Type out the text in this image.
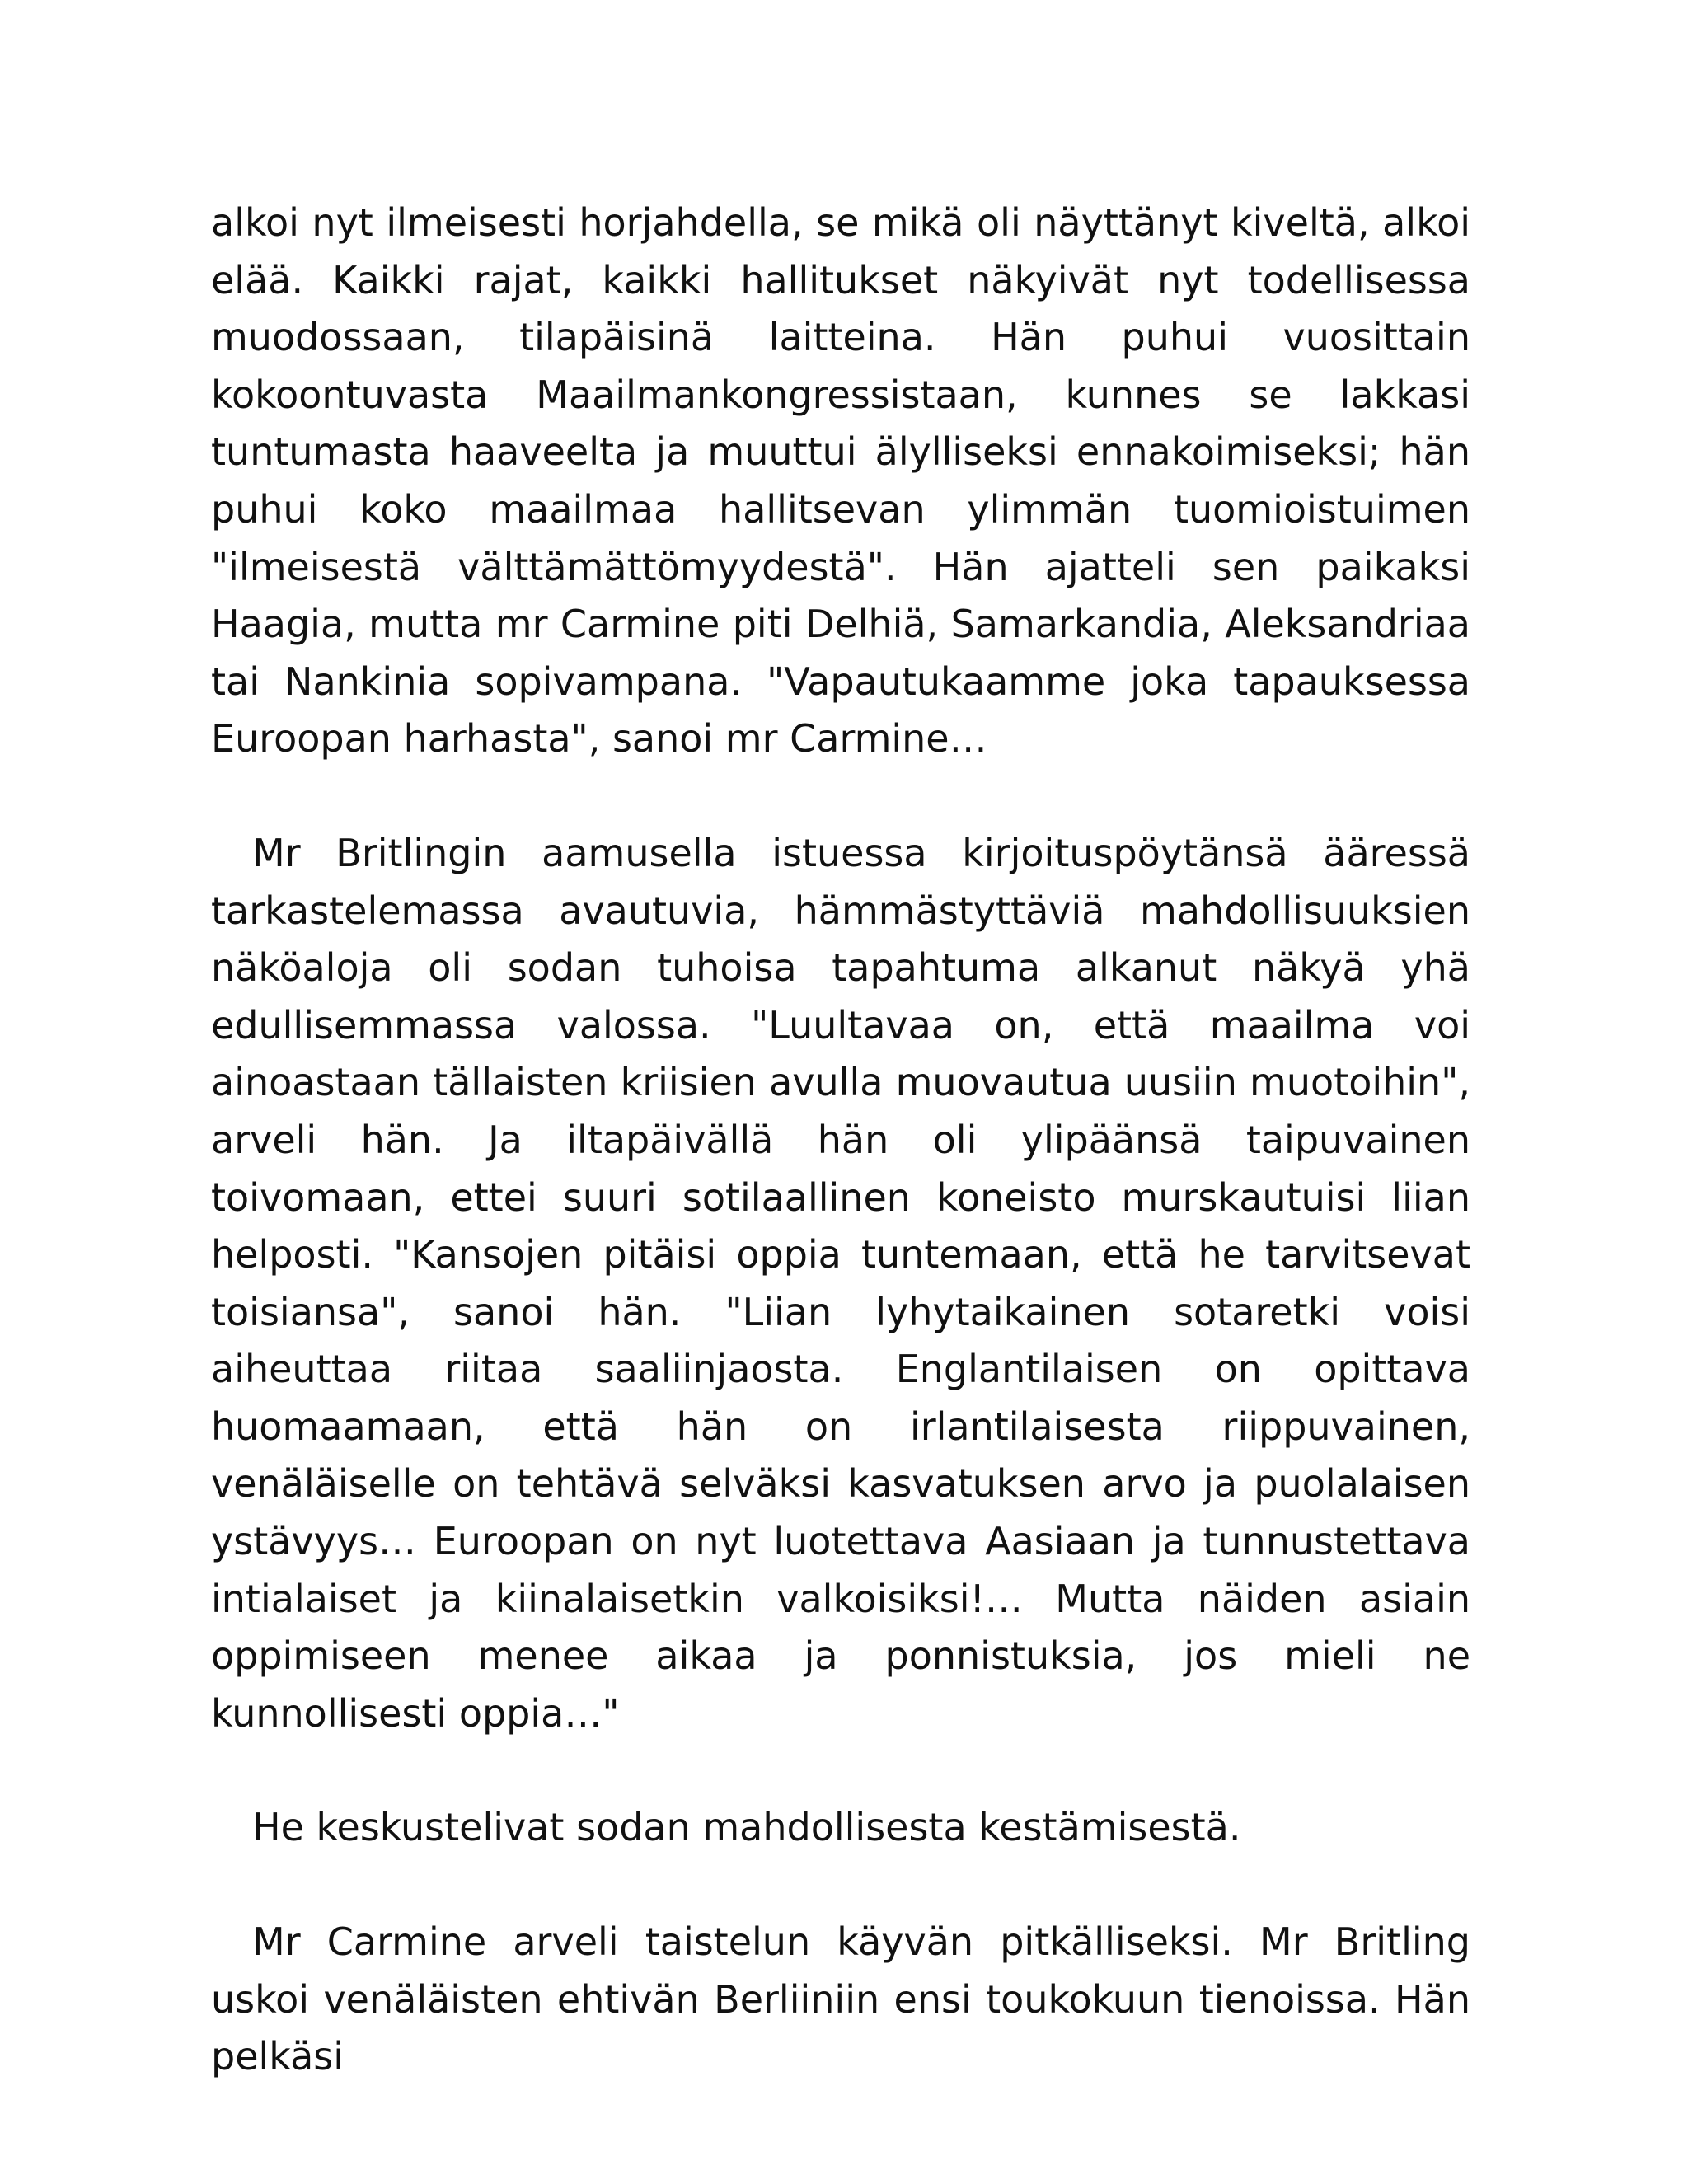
alkoi nyt ilmeisesti horjahdella, se mikä oli näyttänyt kiveltä, alkoi elää. Kaikki rajat, kaikki hallitukset näkyivät nyt todellisessa muodossaan, tilapäisinä laitteina. Hän puhui vuosittain kokoontuvasta Maailmankongressistaan, kunnes se lakkasi tuntumasta haaveelta ja muuttui älylliseksi ennakoimiseksi; hän puhui koko maailmaa hallitsevan ylimmän tuomioistuimen "ilmeisestä välttämättömyydestä". Hän ajatteli sen paikaksi Haagia, mutta mr Carmine piti Delhiä, Samarkandia, Aleksandriaa tai Nankinia sopivampana. "Vapautukaamme joka tapauksessa Euroopan harhasta", sanoi mr Carmine…

Mr Britlingin aamusella istuessa kirjoituspöytänsä ääressä tarkastelemassa avautuvia, hämmästyttäviä mahdollisuuksien näköaloja oli sodan tuhoisa tapahtuma alkanut näkyä yhä edullisemmassa valossa. "Luultavaa on, että maailma voi ainoastaan tällaisten kriisien avulla muovautua uusiin muotoihin", arveli hän. Ja iltapäivällä hän oli ylipäänsä taipuvainen toivomaan, ettei suuri sotilaallinen koneisto murskautuisi liian helposti. "Kansojen pitäisi oppia tuntemaan, että he tarvitsevat toisiansa", sanoi hän. "Liian lyhytaikainen sotaretki voisi aiheuttaa riitaa saaliinjaosta. Englantilaisen on opittava huomaamaan, että hän on irlantilaisesta riippuvainen, venäläiselle on tehtävä selväksi kasvatuksen arvo ja puolalaisen ystävyys… Euroopan on nyt luotettava Aasiaan ja tunnustettava intialaiset ja kiinalaisetkin valkoisiksi!… Mutta näiden asiain oppimiseen menee aikaa ja ponnistuksia, jos mieli ne kunnollisesti oppia…"

He keskustelivat sodan mahdollisesta kestämisestä.

Mr Carmine arveli taistelun käyvän pitkälliseksi. Mr Britling uskoi venäläisten ehtivän Berliiniin ensi toukokuun tienoissa. Hän pelkäsi
